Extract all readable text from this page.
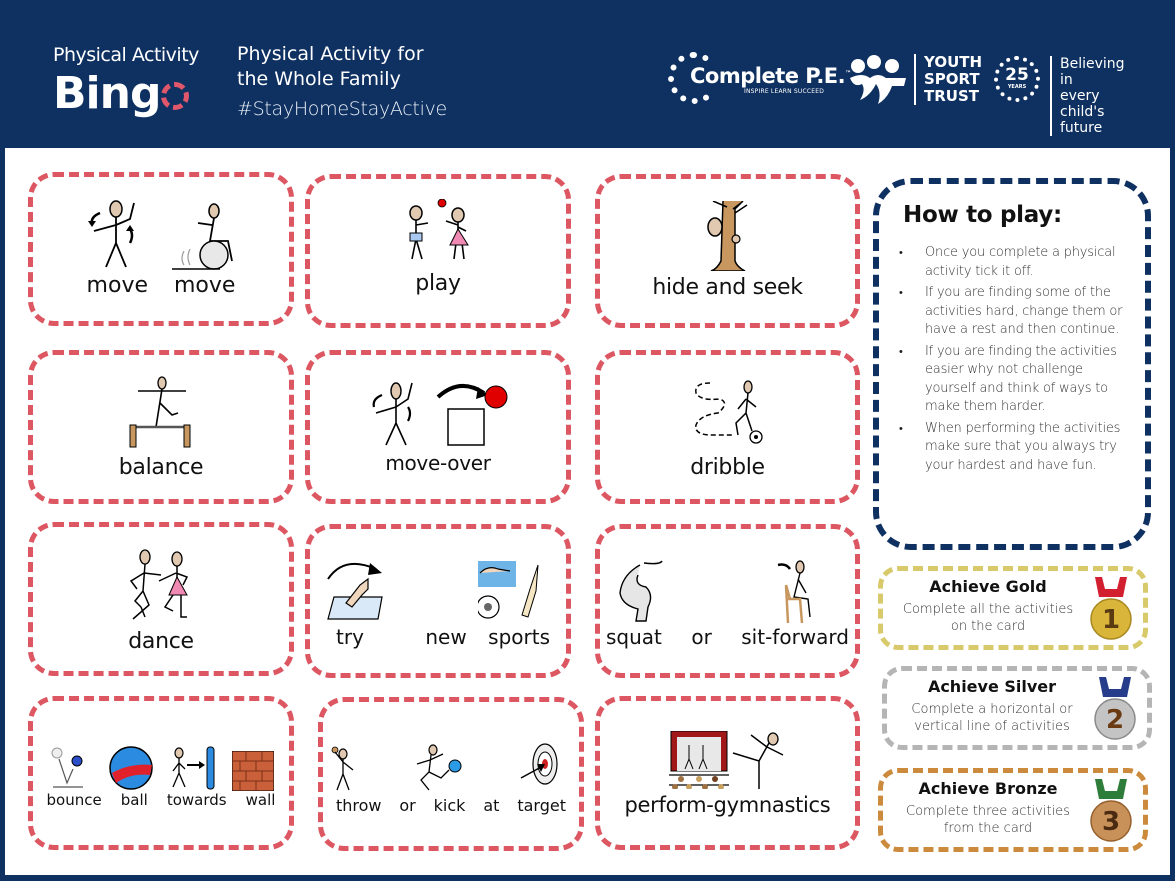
Physical Activity
Bing
Physical Activity for
the Whole Family
#StayHomeStayActive
Complete P.E.™
INSPIRE LEARN SUCCEED
YOUTH
SPORT
TRUST
25
YEARS
Believing in
every child's
future
move move	play	hide and seek
balance	move-over	dribble
dance	try	new sports	squat or sit-forward
bounce ball towards wall	throw or kick at target	perform-gymnastics
How to play:
• Once you complete a physical activity tick it off.
• If you are finding some of the activities hard, change them or have a rest and then continue.
• If you are finding the activities easier why not challenge yourself and think of ways to make them harder.
• When performing the activities make sure that you always try your hardest and have fun.
Achieve Gold
Complete all the activities
on the card	1
Achieve Silver
Complete a horizontal or
vertical line of activities	2
Achieve Bronze
Complete three activities
from the card	3
